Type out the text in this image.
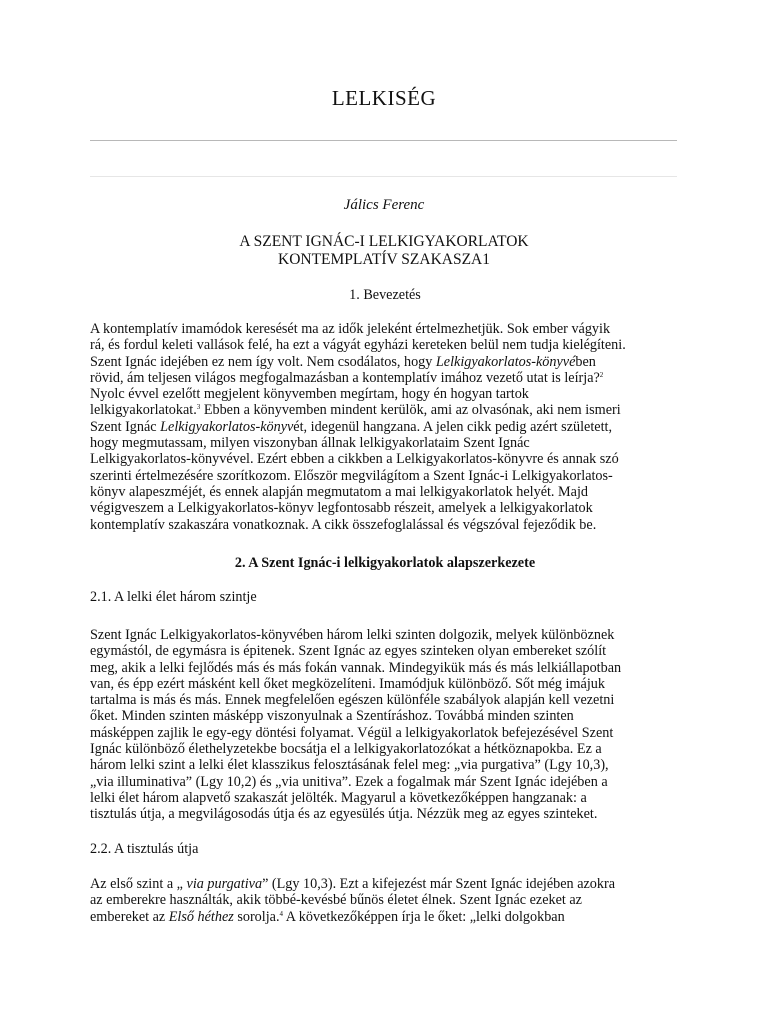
LELKISÉG
Jálics Ferenc
A SZENT IGNÁC-I LELKIGYAKORLATOK
KONTEMPLATÍV SZAKASZA1
1. Bevezetés
A kontemplatív imamódok keresését ma az idők jeleként értelmezhetjük. Sok ember vágyik
rá, és fordul keleti vallások felé, ha ezt a vágyát egyházi kereteken belül nem tudja kielégíteni.
Szent Ignác idejében ez nem így volt. Nem csodálatos, hogy Lelkigyakorlatos-könyvében
rövid, ám teljesen világos megfogalmazásban a kontemplatív imához vezető utat is leírja?$^2$
Nyolc évvel ezelőtt megjelent könyvemben megírtam, hogy én hogyan tartok
lelkigyakorlatokat.$^3$ Ebben a könyvemben mindent kerülök, ami az olvasónak, aki nem ismeri
Szent Ignác Lelkigyakorlatos-könyvét, idegenül hangzana. A jelen cikk pedig azért született,
hogy megmutassam, milyen viszonyban állnak lelkigyakorlataim Szent Ignác
Lelkigyakorlatos-könyvével. Ezért ebben a cikkben a Lelkigyakorlatos-könyvre és annak szó
szerinti értelmezésére szorítkozom. Először megvilágítom a Szent Ignác-i Lelkigyakorlatos-
könyv alapeszméjét, és ennek alapján megmutatom a mai lelkigyakorlatok helyét. Majd
végigveszem a Lelkigyakorlatos-könyv legfontosabb részeit, amelyek a lelkigyakorlatok
kontemplatív szakaszára vonatkoznak. A cikk összefoglalással és végszóval fejeződik be.
2. A Szent Ignác-i lelkigyakorlatok alapszerkezete
2.1. A lelki élet három szintje
Szent Ignác Lelkigyakorlatos-könyvében három lelki szinten dolgozik, melyek különböznek
egymástól, de egymásra is épitenek. Szent Ignác az egyes szinteken olyan embereket szólít
meg, akik a lelki fejlődés más és más fokán vannak. Mindegyikük más és más lelkiállapotban
van, és épp ezért másként kell őket megközelíteni. Imamódjuk különböző. Sőt még imájuk
tartalma is más és más. Ennek megfelelően egészen különféle szabályok alapján kell vezetni
őket. Minden szinten másképp viszonyulnak a Szentíráshoz. Továbbá minden szinten
másképpen zajlik le egy-egy döntési folyamat. Végül a lelkigyakorlatok befejezésével Szent
Ignác különböző élethelyzetekbe bocsátja el a lelkigyakorlatozókat a hétköznapokba. Ez a
három lelki szint a lelki élet klasszikus felosztásának felel meg: „via purgativa” (Lgy 10,3),
„via illuminativa” (Lgy 10,2) és „via unitiva”. Ezek a fogalmak már Szent Ignác idejében a
lelki élet három alapvető szakaszát jelölték. Magyarul a következőképpen hangzanak: a
tisztulás útja, a megvilágosodás útja és az egyesülés útja. Nézzük meg az egyes szinteket.
2.2. A tisztulás útja
Az első szint a „ via purgativa” (Lgy 10,3). Ezt a kifejezést már Szent Ignác idejében azokra
az emberekre használták, akik többé-kevésbé bűnös életet élnek. Szent Ignác ezeket az
embereket az Első héthez sorolja.$^4$ A következőképpen írja le őket: „lelki dolgokban
